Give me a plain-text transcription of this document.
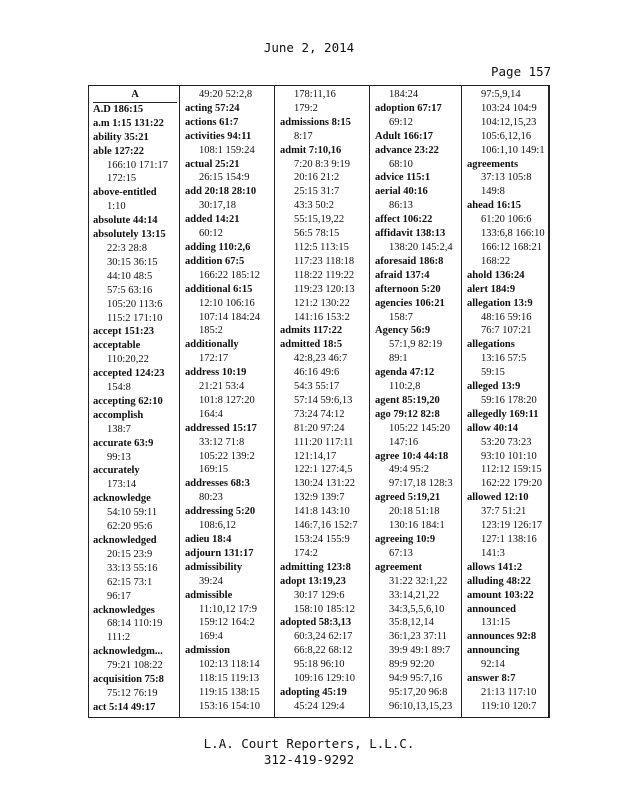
June 2, 2014
Page 157
A
A.D 186:15
a.m 1:15 131:22
ability 35:21
able 127:22
166:10 171:17
172:15
above-entitled
1:10
absolute 44:14
absolutely 13:15
22:3 28:8
30:15 36:15
44:10 48:5
57:5 63:16
105:20 113:6
115:2 171:10
accept 151:23
acceptable
110:20,22
accepted 124:23
154:8
accepting 62:10
accomplish
138:7
accurate 63:9
99:13
accurately
173:14
acknowledge
54:10 59:11
62:20 95:6
acknowledged
20:15 23:9
33:13 55:16
62:15 73:1
96:17
acknowledges
68:14 110:19
111:2
acknowledgm...
79:21 108:22
acquisition 75:8
75:12 76:19
act 5:14 49:17
49:20 52:2,8
acting 57:24
actions 61:7
activities 94:11
108:1 159:24
actual 25:21
26:15 154:9
add 20:18 28:10
30:17,18
added 14:21
60:12
adding 110:2,6
addition 67:5
166:22 185:12
additional 6:15
12:10 106:16
107:14 184:24
185:2
additionally
172:17
address 10:19
21:21 53:4
101:8 127:20
164:4
addressed 15:17
33:12 71:8
105:22 139:2
169:15
addresses 68:3
80:23
addressing 5:20
108:6,12
adieu 18:4
adjourn 131:17
admissibility
39:24
admissible
11:10,12 17:9
159:12 164:2
169:4
admission
102:13 118:14
118:15 119:13
119:15 138:15
153:16 154:10
178:11,16
179:2
admissions 8:15
8:17
admit 7:10,16
7:20 8:3 9:19
20:16 21:2
25:15 31:7
43:3 50:2
55:15,19,22
56:5 78:15
112:5 113:15
117:23 118:18
118:22 119:22
119:23 120:13
121:2 130:22
141:16 153:2
admits 117:22
admitted 18:5
42:8,23 46:7
46:16 49:6
54:3 55:17
57:14 59:6,13
73:24 74:12
81:20 97:24
111:20 117:11
121:14,17
122:1 127:4,5
130:24 131:22
132:9 139:7
141:8 143:10
146:7,16 152:7
153:24 155:9
174:2
admitting 123:8
adopt 13:19,23
30:17 129:6
158:10 185:12
adopted 58:3,13
60:3,24 62:17
66:8,22 68:12
95:18 96:10
109:16 129:10
adopting 45:19
45:24 129:4
184:24
adoption 67:17
69:12
Adult 166:17
advance 23:22
68:10
advice 115:1
aerial 40:16
86:13
affect 106:22
affidavit 138:13
138:20 145:2,4
aforesaid 186:8
afraid 137:4
afternoon 5:20
agencies 106:21
158:7
Agency 56:9
57:1,9 82:19
89:1
agenda 47:12
110:2,8
agent 85:19,20
ago 79:12 82:8
105:22 145:20
147:16
agree 10:4 44:18
49:4 95:2
97:17,18 128:3
agreed 5:19,21
20:18 51:18
130:16 184:1
agreeing 10:9
67:13
agreement
31:22 32:1,22
33:14,21,22
34:3,5,5,6,10
35:8,12,14
36:1,23 37:11
39:9 49:1 89:7
89:9 92:20
94:9 95:7,16
95:17,20 96:8
96:10,13,15,23
97:5,9,14
103:24 104:9
104:12,15,23
105:6,12,16
106:1,10 149:1
agreements
37:13 105:8
149:8
ahead 16:15
61:20 106:6
133:6,8 166:10
166:12 168:21
168:22
ahold 136:24
alert 184:9
allegation 13:9
48:16 59:16
76:7 107:21
allegations
13:16 57:5
59:15
alleged 13:9
59:16 178:20
allegedly 169:11
allow 40:14
53:20 73:23
93:10 101:10
112:12 159:15
162:22 179:20
allowed 12:10
37:7 51:21
123:19 126:17
127:1 138:16
141:3
allows 141:2
alluding 48:22
amount 103:22
announced
131:15
announces 92:8
announcing
92:14
answer 8:7
21:13 117:10
119:10 120:7
L.A. Court Reporters, L.L.C.
312-419-9292
